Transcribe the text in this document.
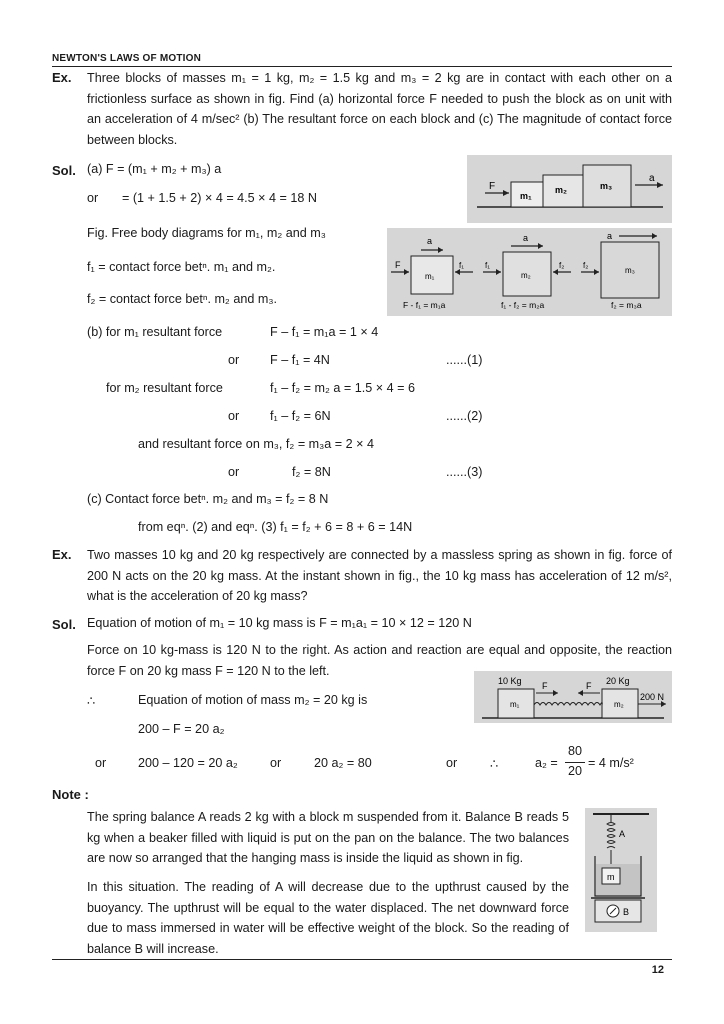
NEWTON'S LAWS OF MOTION
Ex. Three blocks of masses m₁ = 1 kg, m₂ = 1.5 kg and m₃ = 2 kg are in contact with each other on a frictionless surface as shown in fig. Find (a) horizontal force F needed to push the block as on unit with an acceleration of 4 m/sec² (b) The resultant force on each block and (c) The magnitude of contact force between blocks.
Sol. (a) F = (m₁ + m₂ + m₃) a
or = (1 + 1.5 + 2) × 4 = 4.5 × 4 = 18 N
Fig. Free body diagrams for m₁, m₂ and m₃
f₁ = contact force betⁿ. m₁ and m₂.
f₂ = contact force betⁿ. m₂ and m₃.
(b) for m₁ resultant force	F – f₁ = m₁a = 1 × 4
or F – f₁ = 4N	......(1)
for m₂ resultant force	f₁ – f₂ = m₂ a = 1.5 × 4 = 6
or f₁ – f₂ = 6N	......(2)
and resultant force on m₃, f₂ = m₃a = 2 × 4
or	f₂ = 8N	......(3)
(c) Contact force betⁿ. m₂ and m₃ = f₂ = 8 N
from eqⁿ. (2) and eqⁿ. (3) f₁ = f₂ + 6 = 8 + 6 = 14N
F
a
m₁
m₂	m₃
a
F	f₁
m₁
F - f₁ = m₁a
a
f₁	f₂
m₂
f₁ - f₂ = m₂a
a
f₂
m₃
f₂ = m₃a
Ex. Two masses 10 kg and 20 kg respectively are connected by a massless spring as shown in fig. force of 200 N acts on the 20 kg mass. At the instant shown in fig., the 10 kg mass has acceleration of 12 m/s², what is the acceleration of 20 kg mass?
Sol. Equation of motion of m₁ = 10 kg mass is F = m₁a₁ = 10 × 12 = 120 N
Force on 10 kg-mass is 120 N to the right. As action and reaction are equal and opposite, the reaction force F on 20 kg mass F = 120 N to the left.
∴	Equation of motion of mass m₂ = 20 kg is
200 – F = 20 a₂
or	200 – 120 = 20 a₂	or	20 a₂ = 80	or	∴	a₂ =
80
20
= 4 m/s²
10 Kg	20 Kg
F	F
200 N
m₁	m₂
Note :
The spring balance A reads 2 kg with a block m suspended from it. Balance B reads 5 kg when a beaker filled with liquid is put on the pan on the balance. The two balances are now so arranged that the hanging mass is inside the liquid as shown in fig.
In this situation. The reading of A will decrease due to the upthrust caused by the buoyancy. The upthrust will be equal to the water displaced. The net downward force due to mass immersed in water will be effective weight of the block. So the reading of balance B will increase.
A
m
B
12
